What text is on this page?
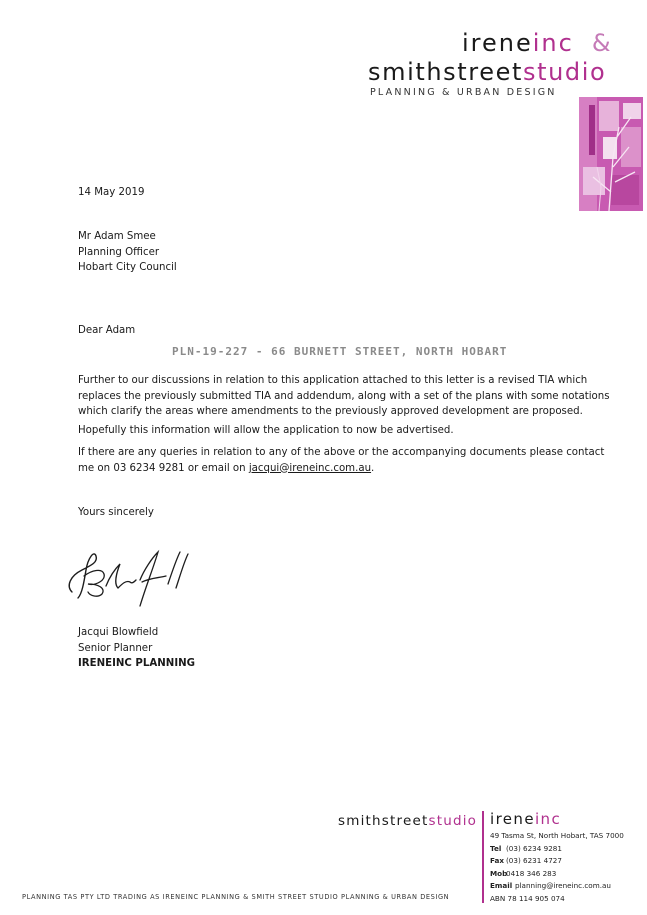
ireneinc &
smithstreetstudio
PLANNING & URBAN DESIGN
14 May 2019
Mr Adam Smee
Planning Officer
Hobart City Council
Dear Adam
PLN-19-227 - 66 BURNETT STREET, NORTH HOBART
Further to our discussions in relation to this application attached to this letter is a revised TIA which replaces the previously submitted TIA and addendum, along with a set of the plans with some notations which clarify the areas where amendments to the previously approved development are proposed.
Hopefully this information will allow the application to now be advertised.
If there are any queries in relation to any of the above or the accompanying documents please contact me on 03 6234 9281 or email on jacqui@ireneinc.com.au.
Yours sincerely
Jacqui Blowfield
Senior Planner
IRENEINC PLANNING
smithstreetstudio ireneinc
49 Tasma St, North Hobart, TAS 7000
Tel (03) 6234 9281
Fax (03) 6231 4727
Mob0418 346 283
Email planning@ireneinc.com.au
ABN 78 114 905 074
PLANNING TAS PTY LTD TRADING AS IRENEINC PLANNING & SMITH STREET STUDIO PLANNING & URBAN DESIGN
